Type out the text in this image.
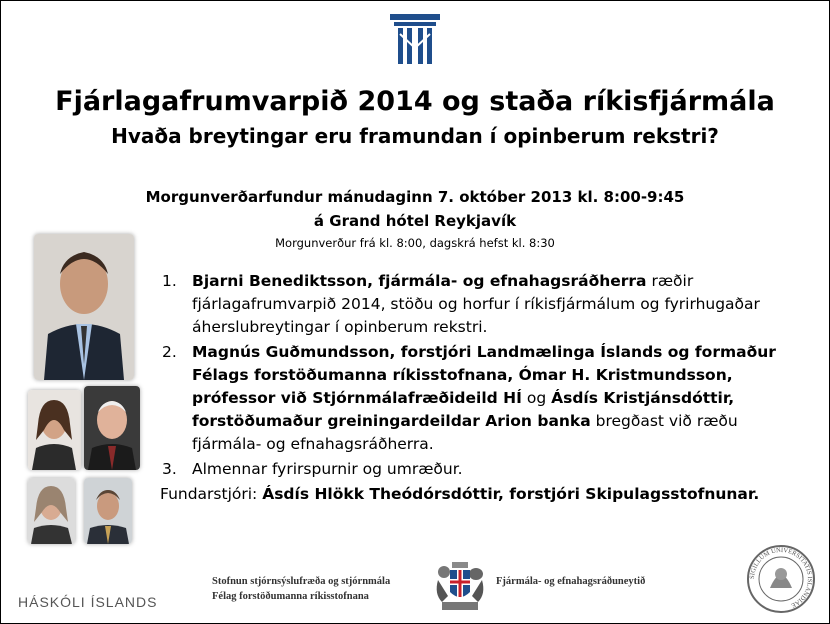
Fjárlagafrumvarpið 2014 og staða ríkisfjármála
Hvaða breytingar eru framundan í opinberum rekstri?
Morgunverðarfundur mánudaginn 7. október 2013 kl. 8:00-9:45
á Grand hótel Reykjavík
Morgunverður frá kl. 8:00, dagskrá hefst kl. 8:30
1. Bjarni Benediktsson, fjármála- og efnahagsráðherra ræðir fjárlagafrumvarpið 2014, stöðu og horfur í ríkisfjármálum og fyrirhugaðar áherslubreytingar í opinberum rekstri.
2. Magnús Guðmundsson, forstjóri Landmælinga Íslands og formaður Félags forstöðumanna ríkisstofnana, Ómar H. Kristmundsson, prófessor við Stjórnmálafræðideild HÍ og Ásdís Kristjánsdóttir, forstöðumaður greiningardeildar Arion banka bregðast við ræðu fjármála- og efnahagsráðherra.
3. Almennar fyrirspurnir og umræður.
Fundarstjóri: Ásdís Hlökk Theódórsdóttir, forstjóri Skipulagsstofnunar.
HÁSKÓLI ÍSLANDS
Stofnun stjórnsýslufræða og stjórnmála
Félag forstöðumanna ríkisstofnana
Fjármála- og efnahagsráðuneytið	SIGILLUM UNIVERSITATIS ISLANDIAE
